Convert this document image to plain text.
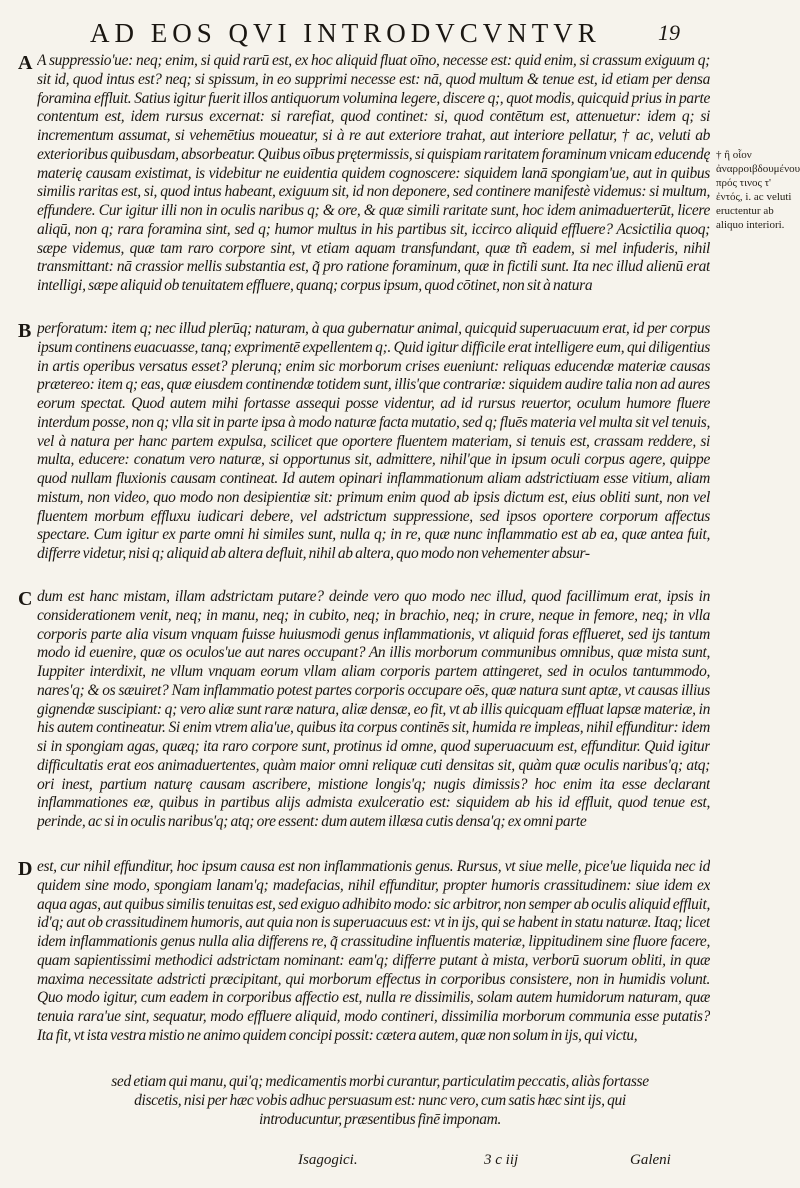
AD EOS QVI INTRODVCVNTVR	19
† ἢ οἷον ἀναρροιβδουμένου πρός τινος τ' ἐντός, i. ac veluti eructentur ab aliquo interiori.
A
B
C
D
A suppressio'ue: neq; enim, si quid rarū est, ex hoc aliquid fluat oīno, necesse est: quid enim, si crassum exiguum q; sit id, quod intus est? neq; si spissum, in eo supprimi necesse est: nā, quod multum & tenue est, id etiam per densa foramina effluit. Satius igitur fuerit illos antiquorum volumina legere, discere q;, quot modis, quicquid prius in parte contentum est, idem rursus excernat: si rarefiat, quod continet: si, quod contētum est, attenuetur: idem q; si incrementum assumat, si vehemētius moueatur, si à re aut exteriore trahat, aut interiore pellatur, † ac, veluti ab exterioribus quibusdam, absorbeatur. Quibus oībus prętermissis, si quispiam raritatem foraminum vnicam educendę materię causam existimat, is videbitur ne euidentia quidem cognoscere: siquidem lanā spongiam'ue, aut in quibus similis raritas est, si, quod intus habeant, exiguum sit, id non deponere, sed continere manifestè videmus: si multum, effundere. Cur igitur illi non in oculis naribus q; & ore, & quæ simili raritate sunt, hoc idem animaduerterūt, licere aliqū, non q; rara foramina sint, sed q; humor multus in his partibus sit, iccirco aliquid effluere? Acsictilia quoq; sæpe videmus, quæ tam raro corpore sint, vt etiam aquam transfundant, quæ tñ eadem, si mel infuderis, nihil transmittant: nā crassior mellis substantia est, q̃ pro ratione foraminum, quæ in fictili sunt. Ita nec illud alienū erat intelligi, sæpe aliquid ob tenuitatem effluere, quanq; corpus ipsum, quod cōtinet, non sit à natura
perforatum: item q; nec illud plerūq; naturam, à qua gubernatur animal, quicquid superuacuum erat, id per corpus ipsum continens euacuasse, tanq; exprimentē expellentem q;. Quid igitur difficile erat intelligere eum, qui diligentius in artis operibus versatus esset? plerunq; enim sic morborum crises eueniunt: reliquas educendæ materiæ causas prætereo: item q; eas, quæ eiusdem continendæ totidem sunt, illis'que contrariæ: siquidem audire talia non ad aures eorum spectat. Quod autem mihi fortasse assequi posse videntur, ad id rursus reuertor, oculum humore fluere interdum posse, non q; vlla sit in parte ipsa à modo naturæ facta mutatio, sed q; fluēs materia vel multa sit vel tenuis, vel à natura per hanc partem expulsa, scilicet que oportere fluentem materiam, si tenuis est, crassam reddere, si multa, educere: conatum vero naturæ, si opportunus sit, admittere, nihil'que in ipsum oculi corpus agere, quippe quod nullam fluxionis causam contineat. Id autem opinari inflammationum aliam adstrictiuam esse vitium, aliam mistum, non video, quo modo non desipientiæ sit: primum enim quod ab ipsis dictum est, eius obliti sunt, non vel fluentem morbum effluxu iudicari debere, vel adstrictum suppressione, sed ipsos oportere corporum affectus spectare. Cum igitur ex parte omni hi similes sunt, nulla q; in re, quæ nunc inflammatio est ab ea, quæ antea fuit, differre videtur, nisi q; aliquid ab altera defluit, nihil ab altera, quo modo non vehementer absur-
dum est hanc mistam, illam adstrictam putare? deinde vero quo modo nec illud, quod facillimum erat, ipsis in considerationem venit, neq; in manu, neq; in cubito, neq; in brachio, neq; in crure, neque in femore, neq; in vlla corporis parte alia visum vnquam fuisse huiusmodi genus inflammationis, vt aliquid foras efflueret, sed ijs tantum modo id euenire, quæ os oculos'ue aut nares occupant? An illis morborum communibus omnibus, quæ mista sunt, Iuppiter interdixit, ne vllum vnquam eorum vllam aliam corporis partem attingeret, sed in oculos tantummodo, nares'q; & os sæuiret? Nam inflammatio potest partes corporis occupare oēs, quæ natura sunt aptæ, vt causas illius gignendæ suscipiant: q; vero aliæ sunt raræ natura, aliæ densæ, eo fit, vt ab illis quicquam effluat lapsæ materiæ, in his autem contineatur. Si enim vtrem alia'ue, quibus ita corpus continēs sit, humida re impleas, nihil effunditur: idem si in spongiam agas, quæq; ita raro corpore sunt, protinus id omne, quod superuacuum est, effunditur. Quid igitur difficultatis erat eos animaduertentes, quàm maior omni reliquæ cuti densitas sit, quàm quæ oculis naribus'q; atq; ori inest, partium naturę causam ascribere, mistione longis'q; nugis dimissis? hoc enim ita esse declarant inflammationes eæ, quibus in partibus alijs admista exulceratio est: siquidem ab his id effluit, quod tenue est, perinde, ac si in oculis naribus'q; atq; ore essent: dum autem illæsa cutis densa'q; ex omni parte
est, cur nihil effunditur, hoc ipsum causa est non inflammationis genus. Rursus, vt siue melle, pice'ue liquida nec id quidem sine modo, spongiam lanam'q; madefacias, nihil effunditur, propter humoris crassitudinem: siue idem ex aqua agas, aut quibus similis tenuitas est, sed exiguo adhibito modo: sic arbitror, non semper ab oculis aliquid effluit, id'q; aut ob crassitudinem humoris, aut quia non is superuacuus est: vt in ijs, qui se habent in statu naturæ. Itaq; licet idem inflammationis genus nulla alia differens re, q̃ crassitudine influentis materiæ, lippitudinem sine fluore facere, quam sapientissimi methodici adstrictam nominant: eam'q; differre putant à mista, verborū suorum obliti, in quæ maxima necessitate adstricti præcipitant, qui morborum effectus in corporibus consistere, non in humidis volunt. Quo modo igitur, cum eadem in corporibus affectio est, nulla re dissimilis, solam autem humidorum naturam, quæ tenuia rara'ue sint, sequatur, modo effluere aliquid, modo contineri, dissimilia morborum communia esse putatis? Ita fit, vt ista vestra mistio ne animo quidem concipi possit: cætera autem, quæ non solum in ijs, qui victu,
sed etiam qui manu, qui'q; medicamentis morbi curantur, particulatim peccatis, aliàs fortasse discetis, nisi per hæc vobis adhuc persuasum est: nunc vero, cum satis hæc sint ijs, qui introducuntur, præsentibus finē imponam.
Isagogici.	3 c iij	Galeni
